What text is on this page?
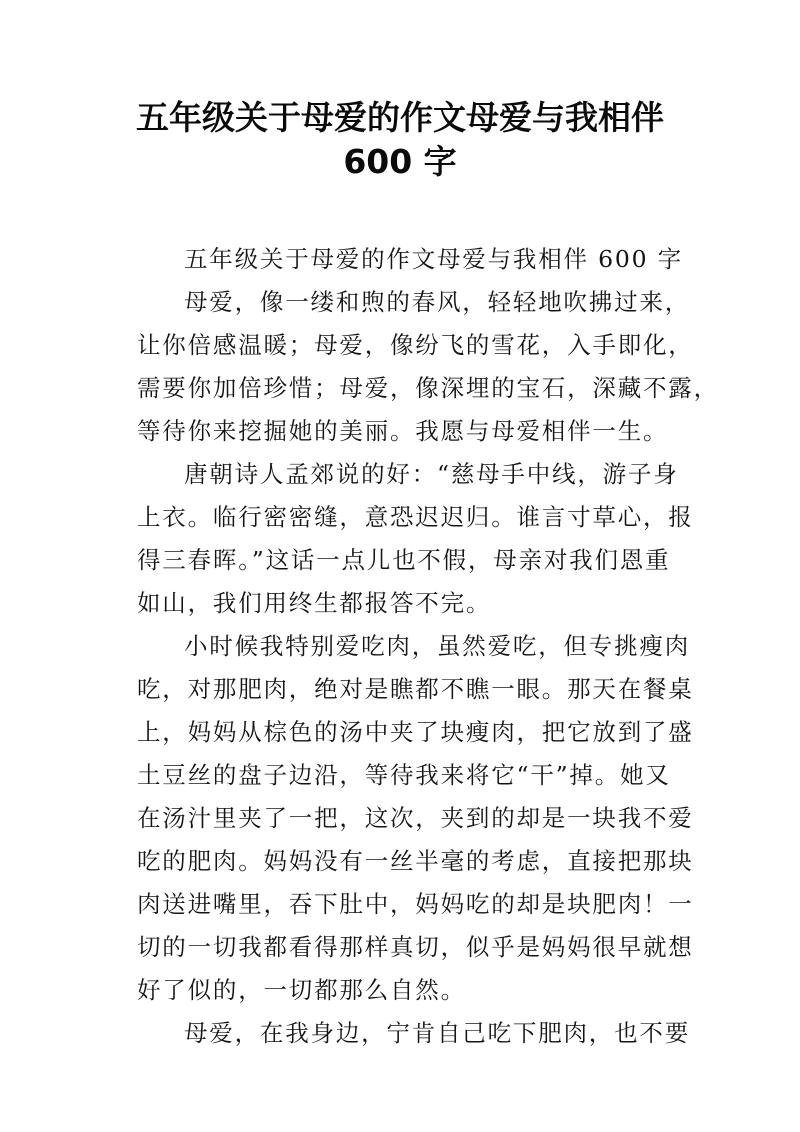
五年级关于母爱的作文母爱与我相伴
600 字
五年级关于母爱的作文母爱与我相伴 600 字
母爱，像一缕和煦的春风，轻轻地吹拂过来，
让你倍感温暖；母爱，像纷飞的雪花，入手即化，
需要你加倍珍惜；母爱，像深埋的宝石，深藏不露，
等待你来挖掘她的美丽。我愿与母爱相伴一生。
唐朝诗人孟郊说的好：“慈母手中线，游子身
上衣。临行密密缝，意恐迟迟归。谁言寸草心，报
得三春晖。”这话一点儿也不假，母亲对我们恩重
如山，我们用终生都报答不完。
小时候我特别爱吃肉，虽然爱吃，但专挑瘦肉
吃，对那肥肉，绝对是瞧都不瞧一眼。那天在餐桌
上，妈妈从棕色的汤中夹了块瘦肉，把它放到了盛
土豆丝的盘子边沿，等待我来将它“干”掉。她又
在汤汁里夹了一把，这次，夹到的却是一块我不爱
吃的肥肉。妈妈没有一丝半毫的考虑，直接把那块
肉送进嘴里，吞下肚中，妈妈吃的却是块肥肉！一
切的一切我都看得那样真切，似乎是妈妈很早就想
好了似的，一切都那么自然。
母爱，在我身边，宁肯自己吃下肥肉，也不要
